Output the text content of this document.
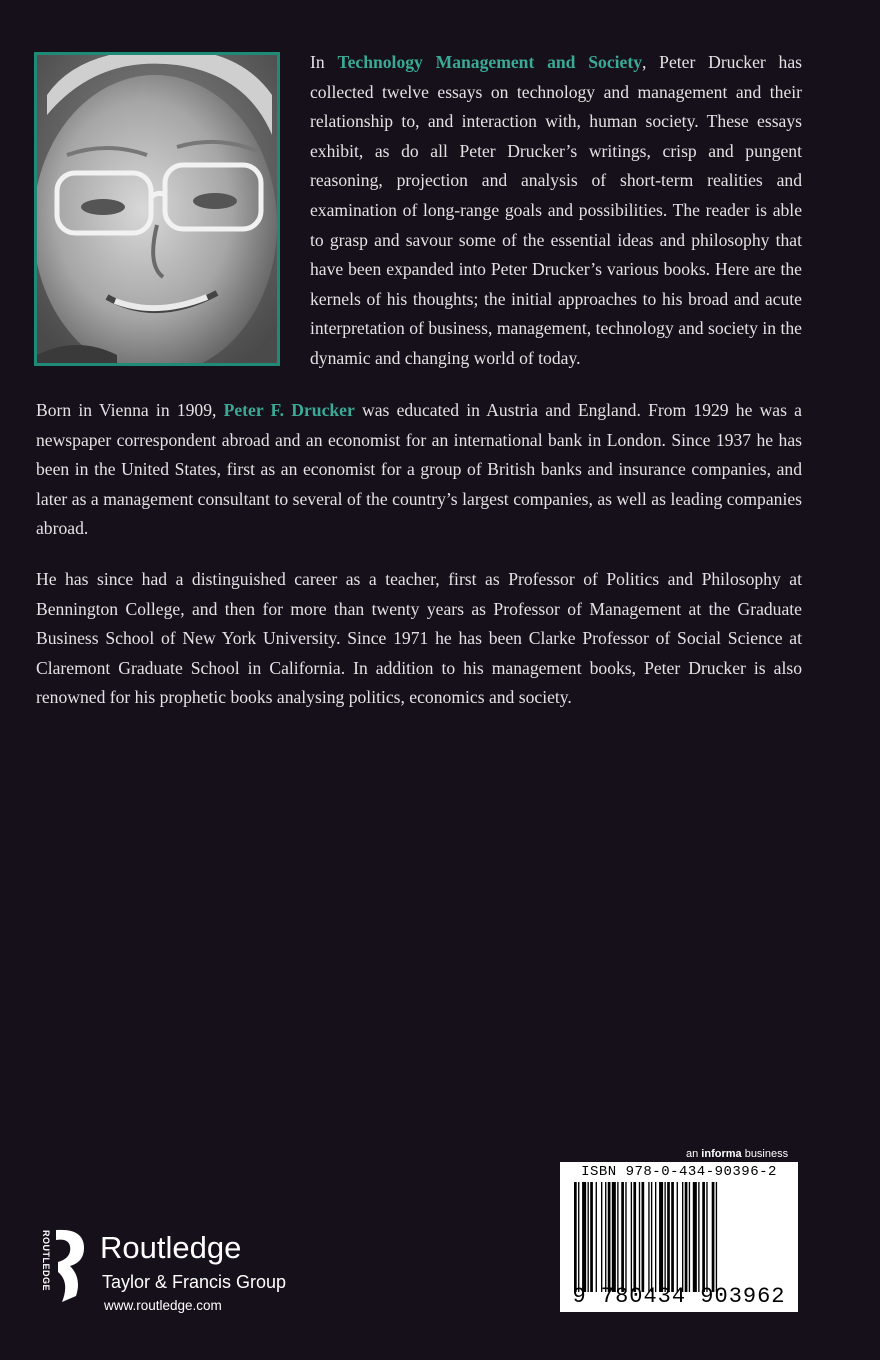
In Technology Management and Society, Peter Drucker has collected twelve essays on technology and management and their relationship to, and interaction with, human society. These essays exhibit, as do all Peter Drucker’s writings, crisp and pungent reasoning, projection and analysis of short-term realities and examination of long-range goals and possibilities. The reader is able to grasp and savour some of the essential ideas and philosophy that have been expanded into Peter Drucker’s various books. Here are the kernels of his thoughts; the initial approaches to his broad and acute interpretation of business, management, technology and society in the dynamic and changing world of today.

Born in Vienna in 1909, Peter F. Drucker was educated in Austria and England. From 1929 he was a newspaper correspondent abroad and an economist for an international bank in London. Since 1937 he has been in the United States, first as an economist for a group of British banks and insurance companies, and later as a management consultant to several of the country’s largest companies, as well as leading companies abroad.

He has since had a distinguished career as a teacher, first as Professor of Politics and Philosophy at Bennington College, and then for more than twenty years as Professor of Management at the Graduate Business School of New York University. Since 1971 he has been Clarke Professor of Social Science at Claremont Graduate School in California. In addition to his management books, Peter Drucker is also renowned for his prophetic books analysing politics, economics and society.

an informa business
ISBN 978-0-434-90396-2
9 780434 903962
ROUTLEDGE Routledge
Taylor & Francis Group
www.routledge.com
